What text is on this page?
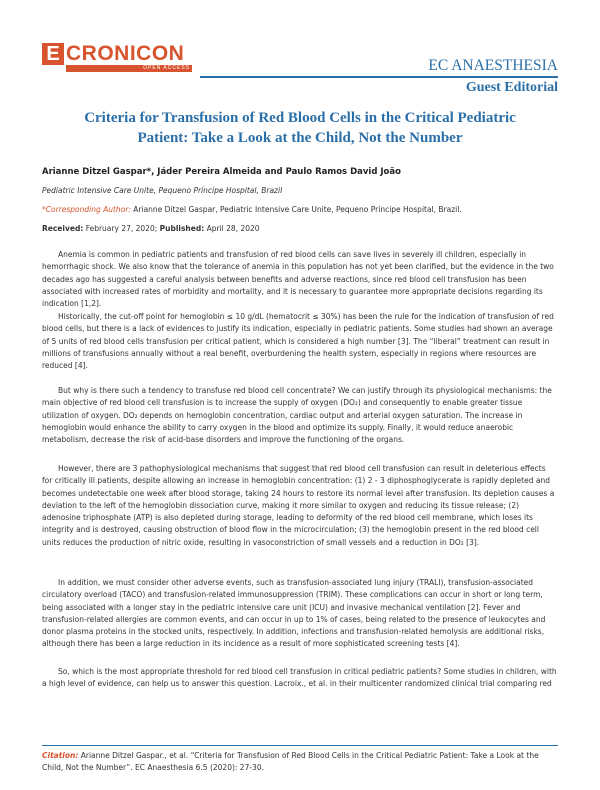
E CRONICON
OPEN ACCESS	EC ANAESTHESIA
Guest Editorial
Criteria for Transfusion of Red Blood Cells in the Critical Pediatric Patient: Take a Look at the Child, Not the Number
Arianne Ditzel Gaspar*, Jáder Pereira Almeida and Paulo Ramos David João
Pediatric Intensive Care Unite, Pequeno Príncipe Hospital, Brazil
*Corresponding Author: Arianne Ditzel Gaspar, Pediatric Intensive Care Unite, Pequeno Príncipe Hospital, Brazil.
Received: February 27, 2020; Published: April 28, 2020
Anemia is common in pediatric patients and transfusion of red blood cells can save lives in severely ill children, especially in hemorrhagic shock. We also know that the tolerance of anemia in this population has not yet been clarified, but the evidence in the two decades ago has suggested a careful analysis between benefits and adverse reactions, since red blood cell transfusion has been associated with increased rates of morbidity and mortality, and it is necessary to guarantee more appropriate decisions regarding its indication [1,2].
Historically, the cut-off point for hemoglobin ≤ 10 g/dL (hematocrit ≤ 30%) has been the rule for the indication of transfusion of red blood cells, but there is a lack of evidences to justify its indication, especially in pediatric patients. Some studies had shown an average of 5 units of red blood cells transfusion per critical patient, which is considered a high number [3]. The “liberal” treatment can result in millions of transfusions annually without a real benefit, overburdening the health system, especially in regions where resources are reduced [4].
But why is there such a tendency to transfuse red blood cell concentrate? We can justify through its physiological mechanisms: the main objective of red blood cell transfusion is to increase the supply of oxygen (DO₂) and consequently to enable greater tissue utilization of oxygen. DO₂ depends on hemoglobin concentration, cardiac output and arterial oxygen saturation. The increase in hemoglobin would enhance the ability to carry oxygen in the blood and optimize its supply. Finally, it would reduce anaerobic metabolism, decrease the risk of acid-base disorders and improve the functioning of the organs.
However, there are 3 pathophysiological mechanisms that suggest that red blood cell transfusion can result in deleterious effects for critically ill patients, despite allowing an increase in hemoglobin concentration: (1) 2 - 3 diphosphoglycerate is rapidly depleted and becomes undetectable one week after blood storage, taking 24 hours to restore its normal level after transfusion. Its depletion causes a deviation to the left of the hemoglobin dissociation curve, making it more similar to oxygen and reducing its tissue release; (2) adenosine triphosphate (ATP) is also depleted during storage, leading to deformity of the red blood cell membrane, which loses its integrity and is destroyed, causing obstruction of blood flow in the microcirculation; (3) the hemoglobin present in the red blood cell units reduces the production of nitric oxide, resulting in vasoconstriction of small vessels and a reduction in DO₂ [3].
In addition, we must consider other adverse events, such as transfusion-associated lung injury (TRALI), transfusion-associated circulatory overload (TACO) and transfusion-related immunosuppression (TRIM). These complications can occur in short or long term, being associated with a longer stay in the pediatric intensive care unit (ICU) and invasive mechanical ventilation [2]. Fever and transfusion-related allergies are common events, and can occur in up to 1% of cases, being related to the presence of leukocytes and donor plasma proteins in the stocked units, respectively. In addition, infections and transfusion-related hemolysis are additional risks, although there has been a large reduction in its incidence as a result of more sophisticated screening tests [4].
So, which is the most appropriate threshold for red blood cell transfusion in critical pediatric patients? Some studies in children, with a high level of evidence, can help us to answer this question. Lacroix., et al. in their multicenter randomized clinical trial comparing red
Citation: Arianne Ditzel Gaspar., et al. “Criteria for Transfusion of Red Blood Cells in the Critical Pediatric Patient: Take a Look at the Child, Not the Number”. EC Anaesthesia 6.5 (2020): 27-30.
